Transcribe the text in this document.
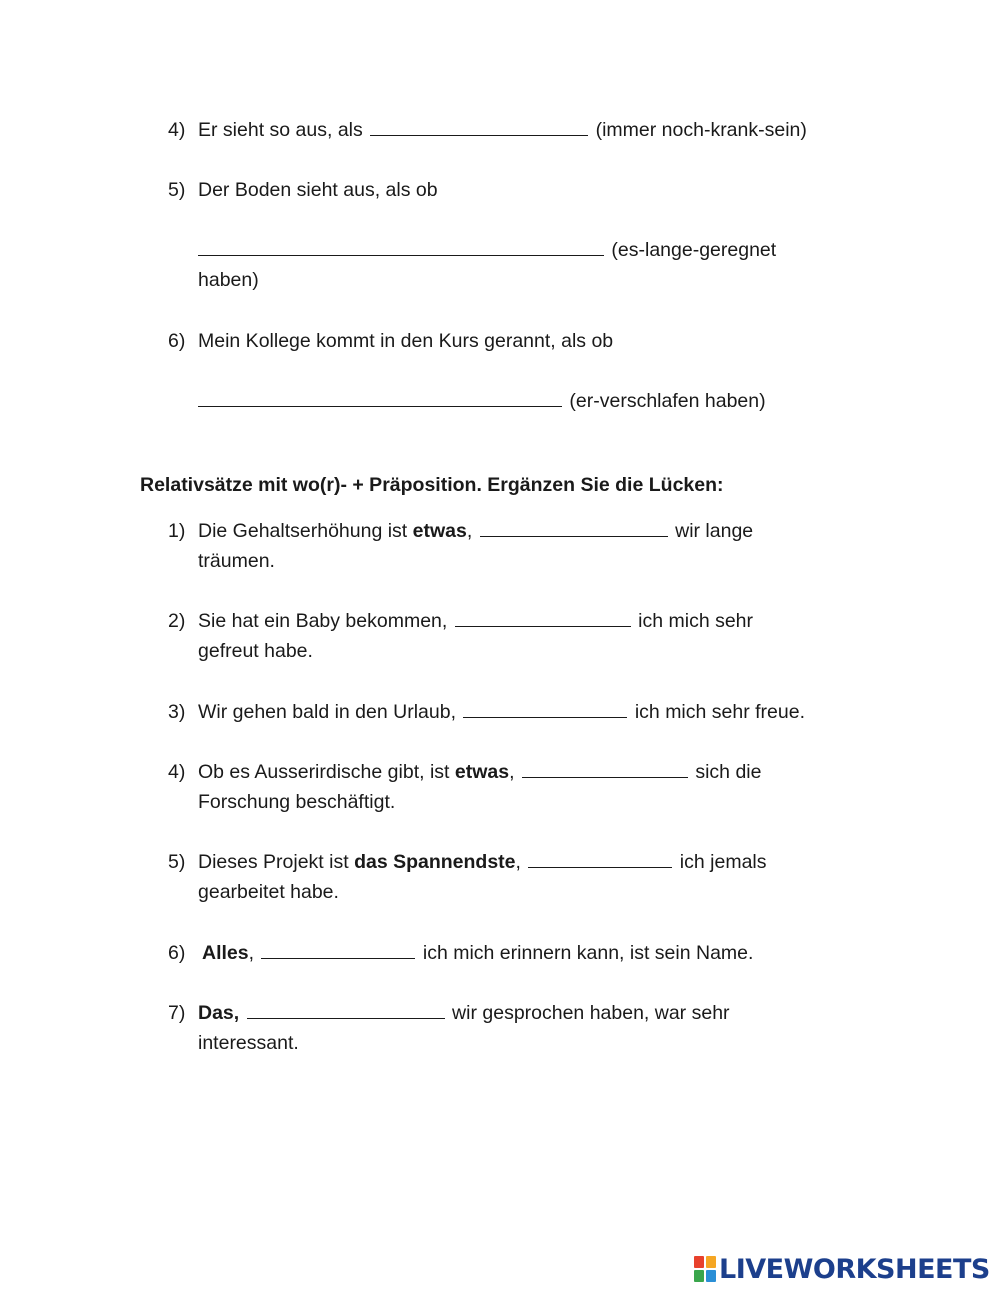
4) Er sieht so aus, als	(immer noch-krank-sein)
5) Der Boden sieht aus, als ob
(es-lange-geregnet
haben)
6) Mein Kollege kommt in den Kurs gerannt, als ob
(er-verschlafen haben)
Relativsätze mit wo(r)- + Präposition. Ergänzen Sie die Lücken:
1) Die Gehaltserhöhung ist etwas,	wir lange
träumen.
2) Sie hat ein Baby bekommen,	ich mich sehr
gefreut habe.
3) Wir gehen bald in den Urlaub,	ich mich sehr freue.
4) Ob es Ausserirdische gibt, ist etwas,	sich die
Forschung beschäftigt.
5) Dieses Projekt ist das Spannendste,	ich jemals
gearbeitet habe.
6) Alles,	ich mich erinnern kann, ist sein Name.
7) Das,	wir gesprochen haben, war sehr
interessant.
LIVEWORKSHEETS
